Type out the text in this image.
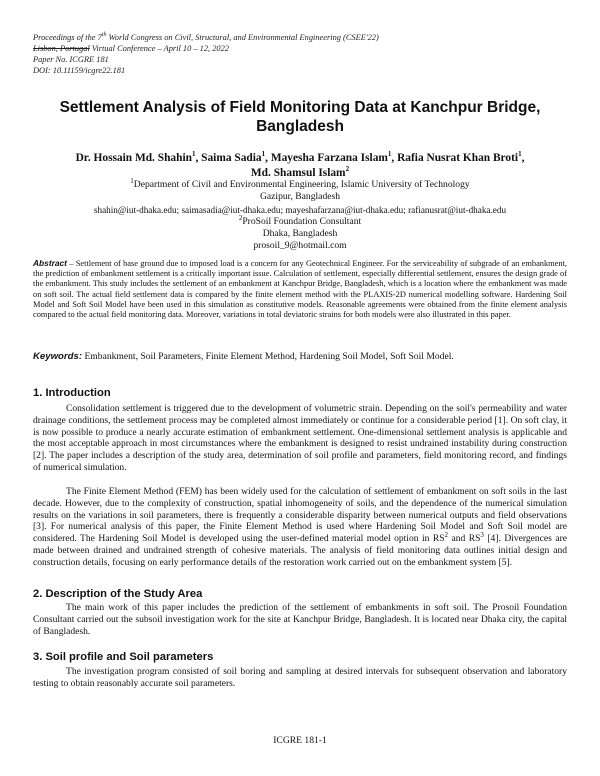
Proceedings of the 7th World Congress on Civil, Structural, and Environmental Engineering (CSEE'22)
Lisbon, Portugal Virtual Conference – April 10 – 12, 2022
Paper No. ICGRE 181
DOI: 10.11159/icgre22.181
Settlement Analysis of Field Monitoring Data at Kanchpur Bridge, Bangladesh
Dr. Hossain Md. Shahin$^1$, Saima Sadia$^1$, Mayesha Farzana Islam$^1$, Rafia Nusrat Khan Broti$^1$,
Md. Shamsul Islam$^2$
$^1$Department of Civil and Environmental Engineering, Islamic University of Technology
Gazipur, Bangladesh
shahin@iut-dhaka.edu; saimasadia@iut-dhaka.edu; mayeshafarzana@iut-dhaka.edu; rafianusrat@iut-dhaka.edu
$^2$ProSoil Foundation Consultant
Dhaka, Bangladesh
prosoil_9@hotmail.com
Abstract – Settlement of base ground due to imposed load is a concern for any Geotechnical Engineer. For the serviceability of subgrade of an embankment, the prediction of embankment settlement is a critically important issue. Calculation of settlement, especially differential settlement, ensures the design grade of the embankment. This study includes the settlement of an embankment at Kanchpur Bridge, Bangladesh, which is a location where the embankment was made on soft soil. The actual field settlement data is compared by the finite element method with the PLAXIS-2D numerical modelling software. Hardening Soil Model and Soft Soil Model have been used in this simulation as constitutive models. Reasonable agreements were obtained from the finite element analysis compared to the actual field monitoring data. Moreover, variations in total deviatoric strains for both models were also illustrated in this paper.
Keywords: Embankment, Soil Parameters, Finite Element Method, Hardening Soil Model, Soft Soil Model.
1. Introduction
Consolidation settlement is triggered due to the development of volumetric strain. Depending on the soil's permeability and water drainage conditions, the settlement process may be completed almost immediately or continue for a considerable period [1]. On soft clay, it is now possible to produce a nearly accurate estimation of embankment settlement. One-dimensional settlement analysis is applicable and the most acceptable approach in most circumstances where the embankment is designed to resist undrained instability during construction [2]. The paper includes a description of the study area, determination of soil profile and parameters, field monitoring record, and findings of numerical simulation.
The Finite Element Method (FEM) has been widely used for the calculation of settlement of embankment on soft soils in the last decade. However, due to the complexity of construction, spatial inhomogeneity of soils, and the dependence of the numerical simulation results on the variations in soil parameters, there is frequently a considerable disparity between numerical outputs and field observations [3]. For numerical analysis of this paper, the Finite Element Method is used where Hardening Soil Model and Soft Soil model are considered. The Hardening Soil Model is developed using the user-defined material model option in $RS^2$ and $RS^3$ [4]. Divergences are made between drained and undrained strength of cohesive materials. The analysis of field monitoring data outlines initial design and construction details, focusing on early performance details of the restoration work carried out on the embankment system [5].
2. Description of the Study Area
The main work of this paper includes the prediction of the settlement of embankments in soft soil. The Prosoil Foundation Consultant carried out the subsoil investigation work for the site at Kanchpur Bridge, Bangladesh. It is located near Dhaka city, the capital of Bangladesh.
3. Soil profile and Soil parameters
The investigation program consisted of soil boring and sampling at desired intervals for subsequent observation and laboratory testing to obtain reasonably accurate soil parameters.
ICGRE 181-1
